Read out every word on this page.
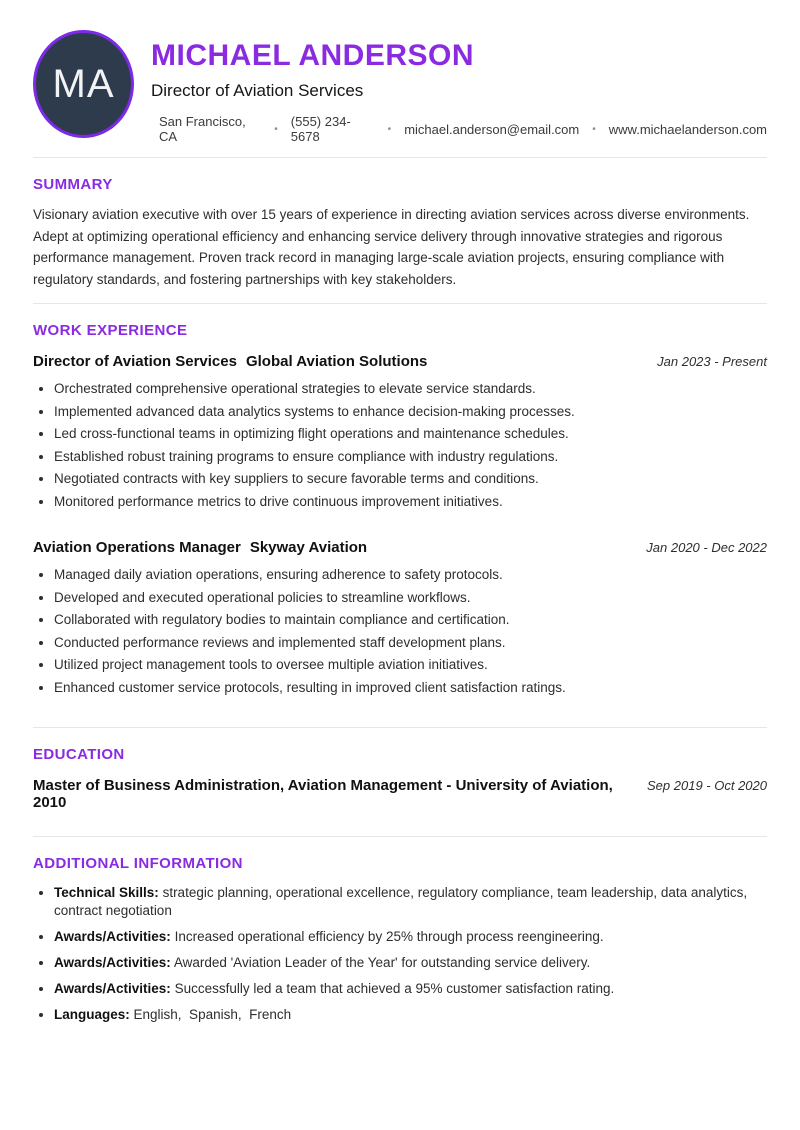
MA
MICHAEL ANDERSON
Director of Aviation Services
San Francisco, CA	• (555) 234-5678	• michael.anderson@email.com • www.michaelanderson.com
SUMMARY

Visionary aviation executive with over 15 years of experience in directing aviation services across diverse environments. Adept at optimizing operational efficiency and enhancing service delivery through innovative strategies and rigorous performance management. Proven track record in managing large-scale aviation projects, ensuring compliance with regulatory standards, and fostering partnerships with key stakeholders.

WORK EXPERIENCE
Director of Aviation Services Global Aviation Solutions	Jan 2023 - Present
• Orchestrated comprehensive operational strategies to elevate service standards.
• Implemented advanced data analytics systems to enhance decision-making processes.
• Led cross-functional teams in optimizing flight operations and maintenance schedules.
• Established robust training programs to ensure compliance with industry regulations.
• Negotiated contracts with key suppliers to secure favorable terms and conditions.
• Monitored performance metrics to drive continuous improvement initiatives.
Aviation Operations Manager Skyway Aviation	Jan 2020 - Dec 2022
• Managed daily aviation operations, ensuring adherence to safety protocols.
• Developed and executed operational policies to streamline workflows.
• Collaborated with regulatory bodies to maintain compliance and certification.
• Conducted performance reviews and implemented staff development plans.
• Utilized project management tools to oversee multiple aviation initiatives.
• Enhanced customer service protocols, resulting in improved client satisfaction ratings.
EDUCATION
Master of Business Administration, Aviation Management - University of Aviation, 2010
Sep 2019 - Oct 2020
ADDITIONAL INFORMATION
• Technical Skills: strategic planning, operational excellence, regulatory compliance, team leadership, data analytics, contract negotiation
• Awards/Activities: Increased operational efficiency by 25% through process reengineering.
• Awards/Activities: Awarded 'Aviation Leader of the Year' for outstanding service delivery.
• Awards/Activities: Successfully led a team that achieved a 95% customer satisfaction rating.
• Languages: English,  Spanish,  French
